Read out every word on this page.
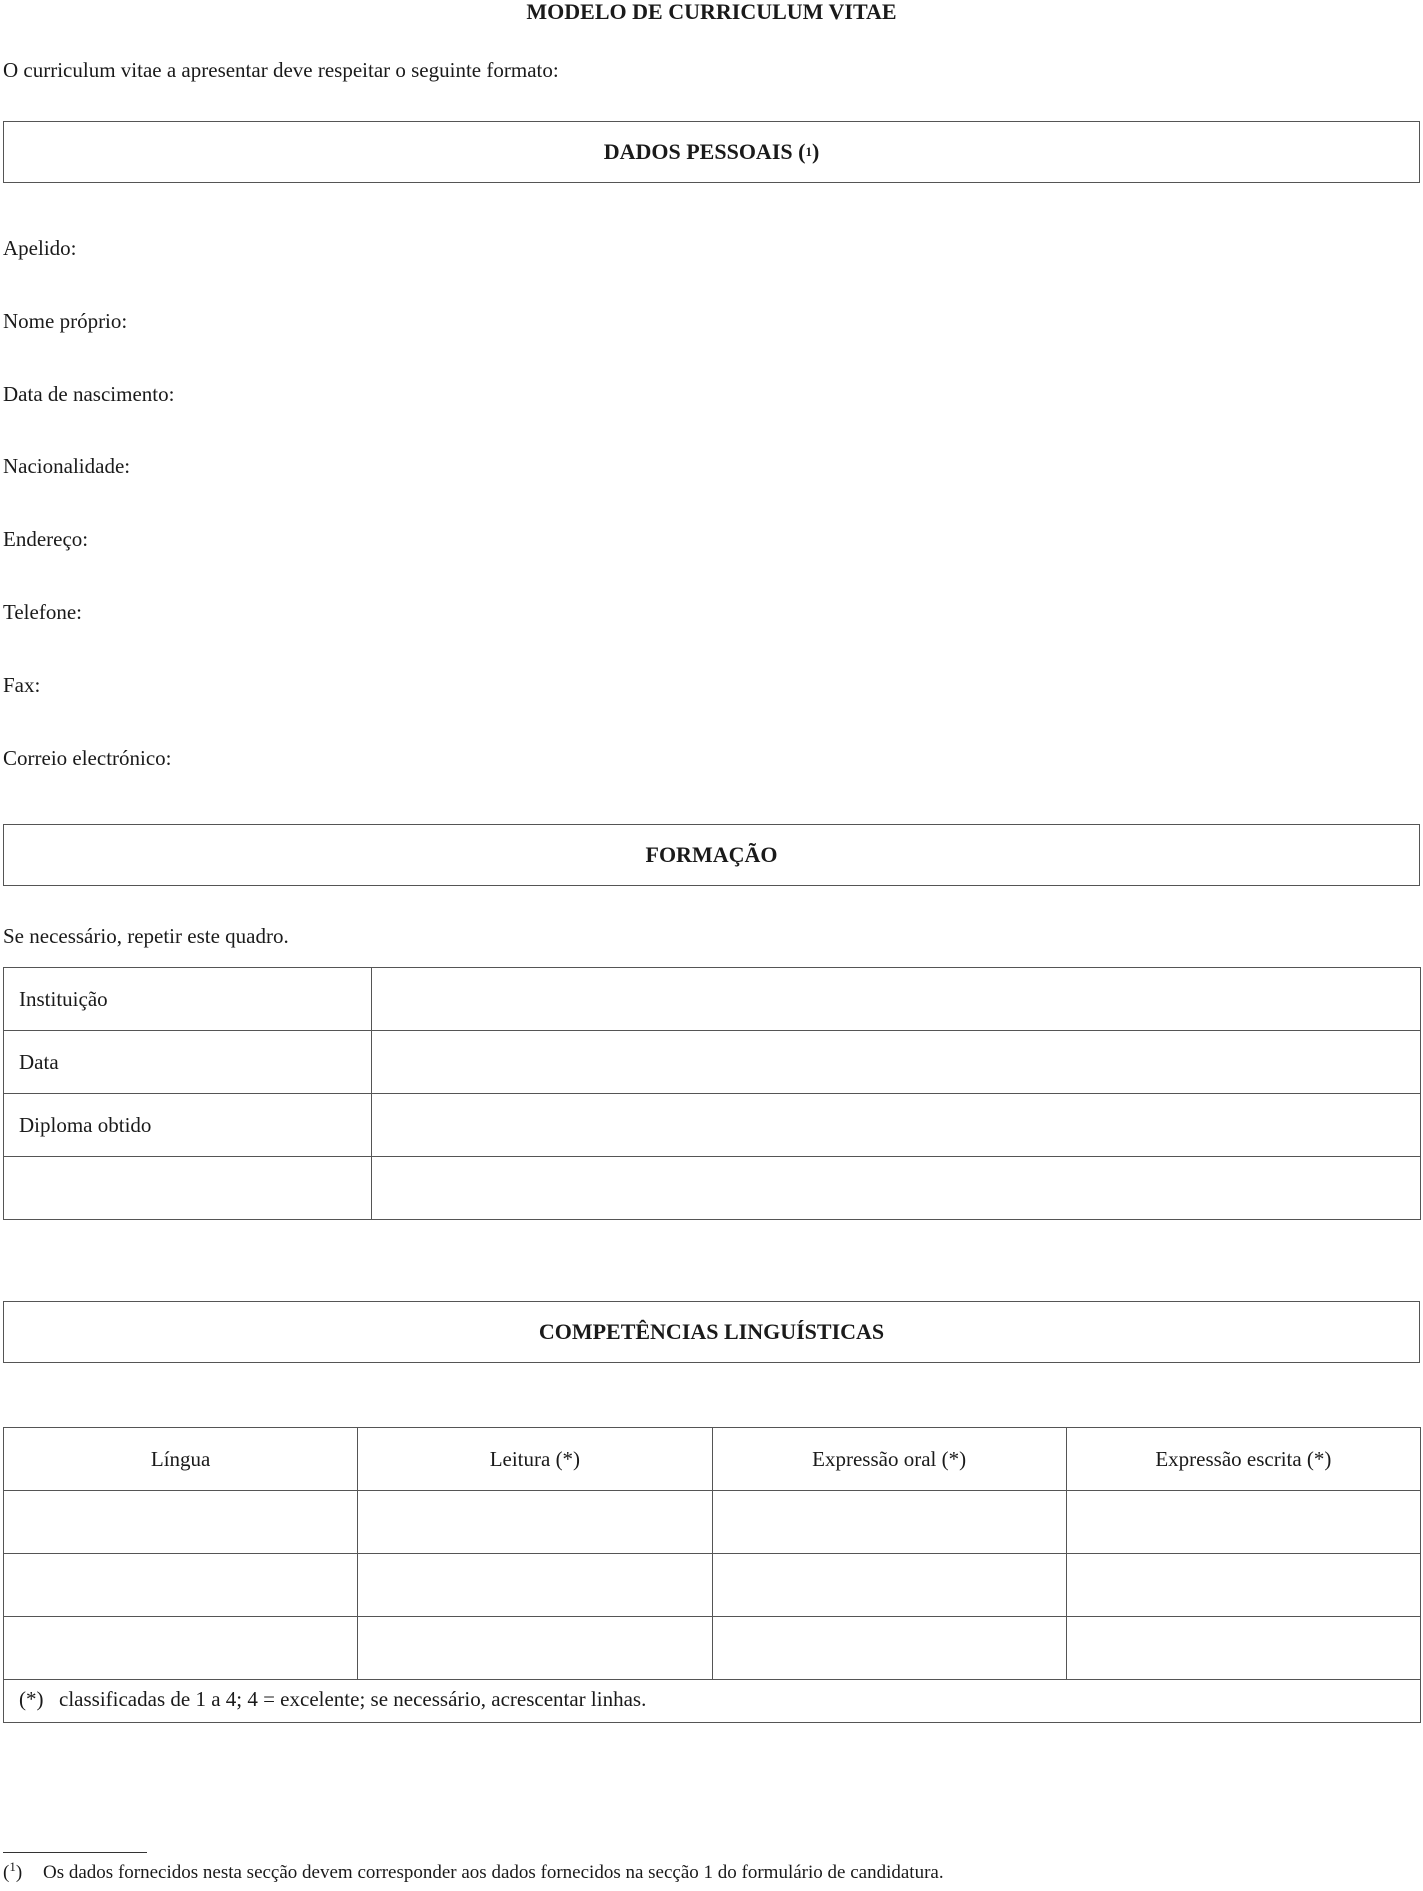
MODELO DE CURRICULUM VITAE
O curriculum vitae a apresentar deve respeitar o seguinte formato:
DADOS PESSOAIS ( 1 )
Apelido:
Nome próprio:
Data de nascimento:
Nacionalidade:
Endereço:
Telefone:
Fax:
Correio electrónico:
FORMAÇÃO
Se necessário, repetir este quadro.
Instituição	
Data	
Diploma obtido	

COMPETÊNCIAS LINGUÍSTICAS
Língua	Leitura (*)	Expressão oral (*)	Expressão escrita (*)

(*) classificadas de 1 a 4; 4 = excelente; se necessário, acrescentar linhas.
($^1$)	Os dados fornecidos nesta secção devem corresponder aos dados fornecidos na secção 1 do formulário de candidatura.
